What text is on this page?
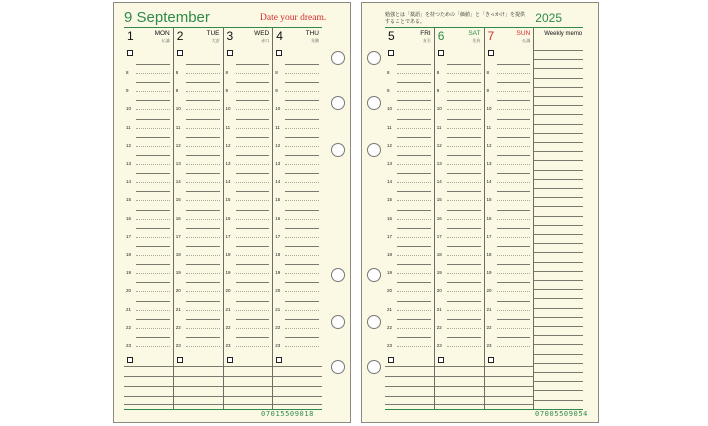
9 September	Date your dream.
1	MON
仏滅
8
9
10
11
12
13
14
15
16
17
18
19
20
21
22
23
2	TUE
大安
8
9
10
11
12
13
14
15
16
17
18
19
20
21
22
23
3	WED
赤口
8
9
10
11
12
13
14
15
16
17
18
19
20
21
22
23
4	THU
先勝
8
9
10
11
12
13
14
15
16
17
18
19
20
21
22
23
07015509018
勉強とは「薬語」を持つための「価値」と「きっかけ」を提供することである。	2025
5	FRI
友引
8
9
10
11
12
13
14
15
16
17
18
19
20
21
22
23
6	SAT
先負
8
9
10
11
12
13
14
15
16
17
18
19
20
21
22
23
7	SUN
仏滅
8
9
10
11
12
13
14
15
16
17
18
19
20
21
22
23
Weekly memo
07005509054
